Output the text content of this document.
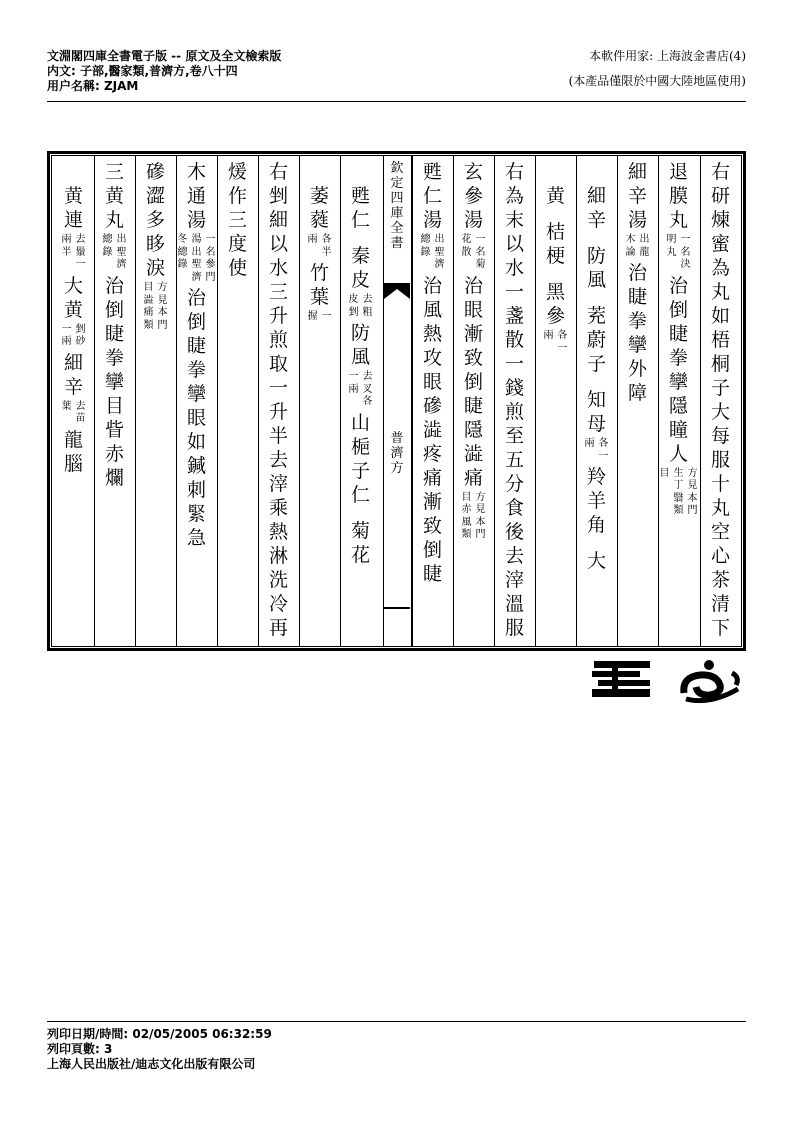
文淵閣四庫全書電子版 -- 原文及全文檢索版
内文: 子部,醫家類,普濟方,卷八十四
用户名稱: ZJAM
本軟件用家: 上海波金書店(4)
(本產品僅限於中國大陸地區使用)
右
研
煉
蜜
為
丸
如
梧
桐
子
大
每
服
十
丸
空
心
茶
清
下
退
膜
丸
一
名
決
明
丸
治
倒
睫
拳
攣
隱
瞳
人
方
見
本
門
生
丁
翳
類
目
細
辛
湯
出
龍
木
論
治
睫
拳
攣
外
障
細
辛
防
風
茺
蔚
子
知
母
各
一
兩
羚
羊
角
大
黄
桔
梗
黑
參
各
一
兩
右
為
末
以
水
一
盞
散
一
錢
煎
至
五
分
食
後
去
滓
溫
服
玄
參
湯
一
名
菊
花
散
治
眼
漸
致
倒
睫
隱
澁
痛
方
見
本
門
目
赤
風
類
甦
仁
湯
出
聖
濟
總
錄
治
風
熱
攻
眼
磣
澁
疼
痛
漸
致
倒
睫
甦
仁
秦
皮
去
粗
皮
剉
防
風
去
叉
各
一
兩
山
梔
子
仁
菊
花
萎
蕤
各
半
兩
竹
葉
一
握
右
剉
細
以
水
三
升
煎
取
一
升
半
去
滓
乘
熱
淋
洗
冷
再
煖
作
三
度
使
木
通
湯
一
名
參
門
湯
出
聖
濟
冬
總
錄
治
倒
睫
拳
攣
眼
如
鍼
刺
緊
急
磣
澀
多
眵
淚
方
見
本
門
目
澁
痛
類
三
黄
丸
出
聖
濟
總
錄
治
倒
睫
拳
攣
目
眥
赤
爛
黄
連
去
鬚
一
兩
半
大
黄
剉
砂
一
兩
細
辛
去
苗
葉
龍
腦
欽
定
四
庫
全
書
普
濟
方
列印日期/時間: 02/05/2005 06:32:59
列印頁數: 3
上海人民出版社/迪志文化出版有限公司
